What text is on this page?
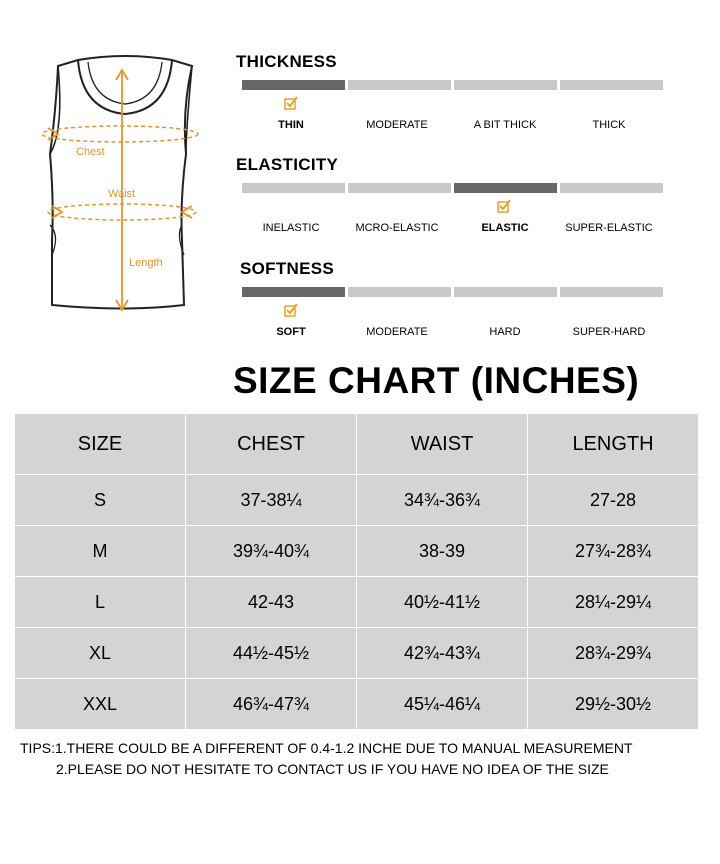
Chest
Waist
Length
THICKNESS
THIN	MODERATE	A BIT THICK	THICK
ELASTICITY
INELASTIC	MCRO-ELASTIC	ELASTIC	SUPER-ELASTIC
SOFTNESS
SOFT	MODERATE	HARD	SUPER-HARD
SIZE CHART (INCHES)
SIZE	CHEST	WAIST	LENGTH
S	37-38¼	34¾-36¾	27-28
M	39¾-40¾	38-39	27¾-28¾
L	42-43	40½-41½	28¼-29¼
XL	44½-45½	42¾-43¾	28¾-29¾
XXL	46¾-47¾	45¼-46¼	29½-30½
TIPS:1.THERE COULD BE A DIFFERENT OF 0.4-1.2 INCHE DUE TO MANUAL MEASUREMENT
2.PLEASE DO NOT HESITATE TO CONTACT US IF YOU HAVE NO IDEA OF THE SIZE
